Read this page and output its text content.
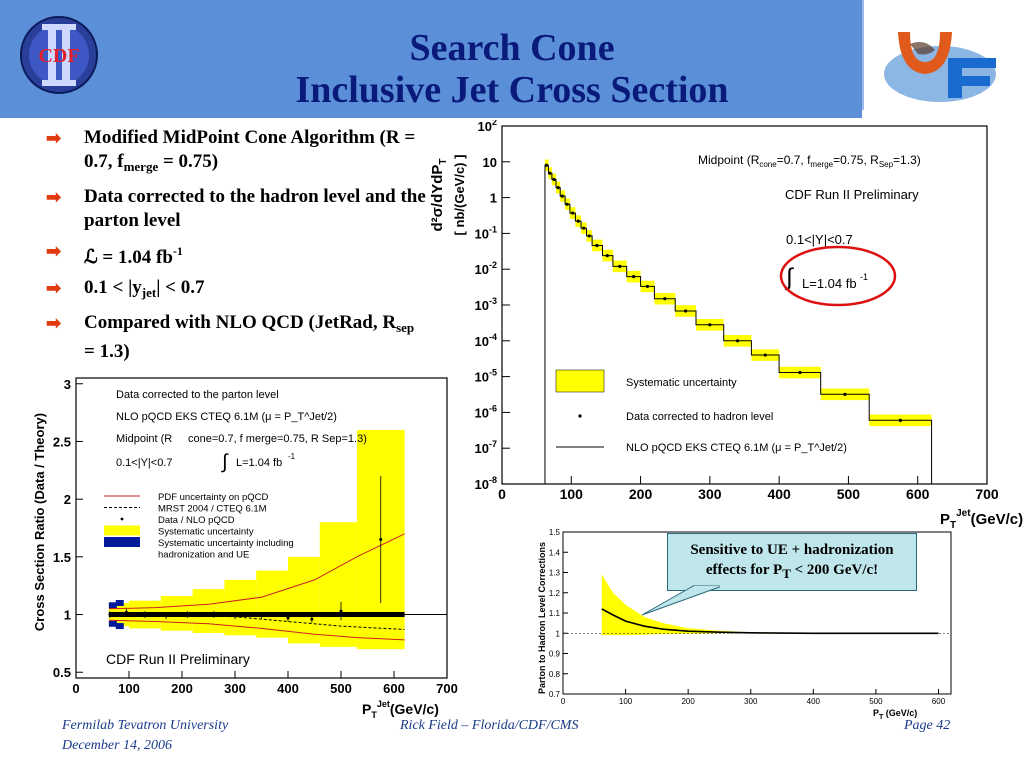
Search Cone
Inclusive Jet Cross Section
CDF
➡ Modified MidPoint Cone Algorithm (R = 0.7, $f_{merge} = 0.75$)
➡ Data corrected to the hadron level and the parton level
➡ ℒ = 1.04 $fb^{-1}$
➡ $0.1 < |y_{jet}| < 0.7$
➡ Compared with NLO QCD (JetRad, $R_{sep} = 1.3$)
0	100	200	300	400	500	600	700
$10^{-8}$
$10^{-7}$
$10^{-6}$
$10^{-5}$
$10^{-4}$
$10^{-3}$
$10^{-2}$
$10^{-1}$
1
10
$10^2$
d²σ/dYdP$_T$ [ nb/(GeV/c) ]
$P_T^{Jet}(GeV/c)$
Midpoint ($R_{cone}=0.7$, $f_{merge}=0.75$, $R_{Sep}=1.3$)
CDF Run II Preliminary
0.1<|Y|<0.7
∫ L=1.04 fb -1
Systematic uncertainty
Data corrected to hadron level
NLO pQCD EKS CTEQ 6.1M (μ = P_T^Jet/2)
0	100 200 300 400 500 600 700
0.5
1
1.5
2
2.5
3
Cross Section Ratio (Data / Theory)
$P_T^{Jet}(GeV/c)$
Data corrected to the parton level
NLO pQCD EKS CTEQ 6.1M (μ = P_T^Jet/2)
Midpoint (R
0.1<|Y|<0.7 ∫ L=1.04 fb
-1
cone=0.7, f merge=0.75, R Sep=1.3)
PDF uncertainty on pQCD
MRST 2004 / CTEQ 6.1M
Data / NLO pQCD
Systematic uncertainty
Systematic uncertainty including
hadronization and UE
CDF Run II Preliminary
0	100	200	300	400	500	600
0.7
0.8
0.9
1
1.1
1.2
1.3
1.4
1.5
Parton to Hadron Level Corrections
$P_T$ (GeV/c)
Sensitive to UE + hadronization
effects for PT < 200 GeV/c!
Fermilab Tevatron University
December 14, 2006
Rick Field – Florida/CDF/CMS	Page 42
